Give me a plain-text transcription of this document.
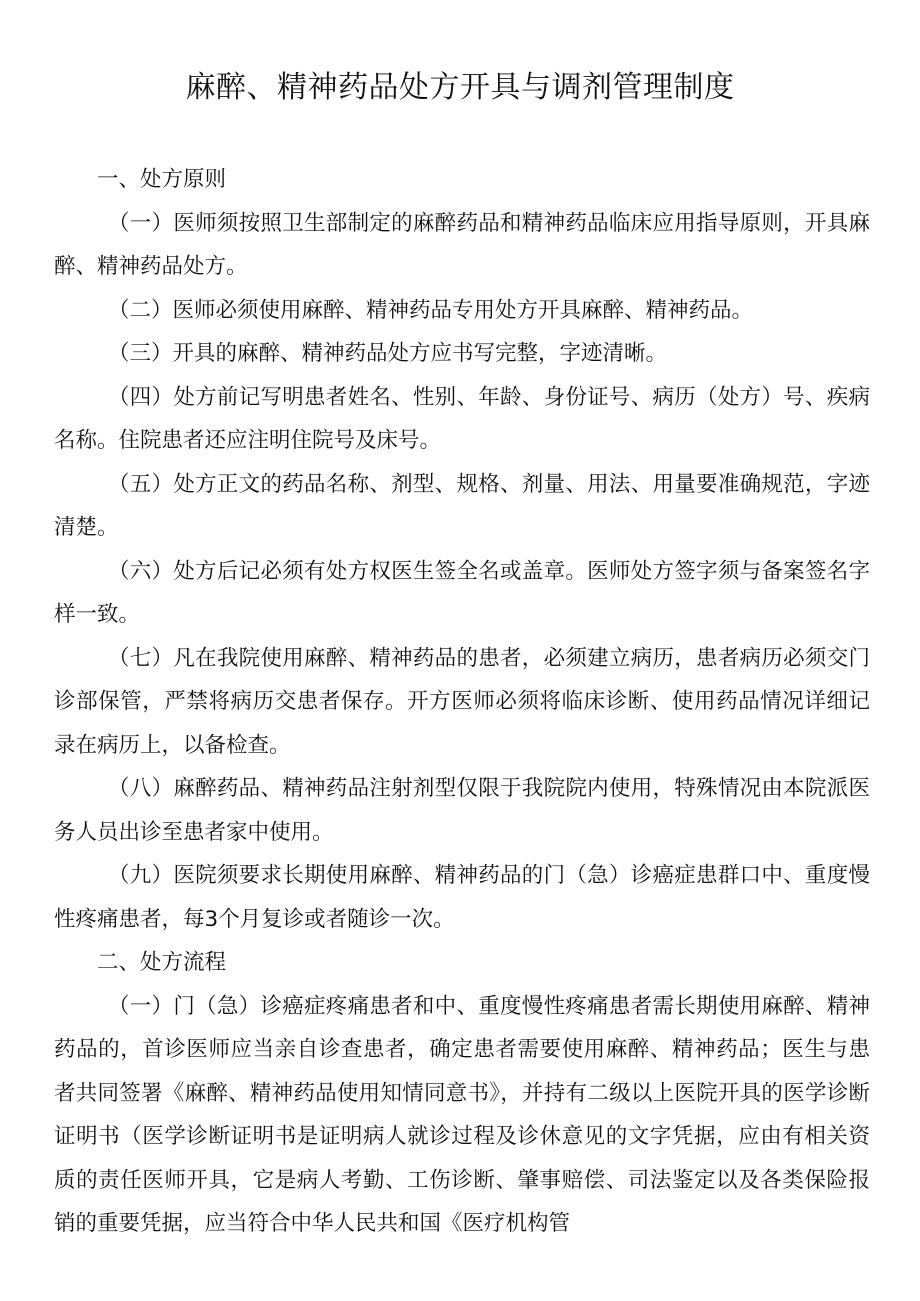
麻醉、精神药品处方开具与调剂管理制度

一、处方原则

（一）医师须按照卫生部制定的麻醉药品和精神药品临床应用指导原则，开具麻醉、精神药品处方。

（二）医师必须使用麻醉、精神药品专用处方开具麻醉、精神药品。

（三）开具的麻醉、精神药品处方应书写完整，字迹清晰。

（四）处方前记写明患者姓名、性别、年龄、身份证号、病历（处方）号、疾病名称。住院患者还应注明住院号及床号。

（五）处方正文的药品名称、剂型、规格、剂量、用法、用量要准确规范，字迹清楚。

（六）处方后记必须有处方权医生签全名或盖章。医师处方签字须与备案签名字样一致。

（七）凡在我院使用麻醉、精神药品的患者，必须建立病历，患者病历必须交门诊部保管，严禁将病历交患者保存。开方医师必须将临床诊断、使用药品情况详细记录在病历上，以备检查。

（八）麻醉药品、精神药品注射剂型仅限于我院院内使用，特殊情况由本院派医务人员出诊至患者家中使用。

（九）医院须要求长期使用麻醉、精神药品的门（急）诊癌症患群口中、重度慢性疼痛患者，每3个月复诊或者随诊一次。

二、处方流程

（一）门（急）诊癌症疼痛患者和中、重度慢性疼痛患者需长期使用麻醉、精神药品的，首诊医师应当亲自诊查患者，确定患者需要使用麻醉、精神药品；医生与患者共同签署《麻醉、精神药品使用知情同意书》，并持有二级以上医院开具的医学诊断证明书（医学诊断证明书是证明病人就诊过程及诊休意见的文字凭据，应由有相关资质的责任医师开具，它是病人考勤、工伤诊断、肇事赔偿、司法鉴定以及各类保险报销的重要凭据，应当符合中华人民共和国《医疗机构管
